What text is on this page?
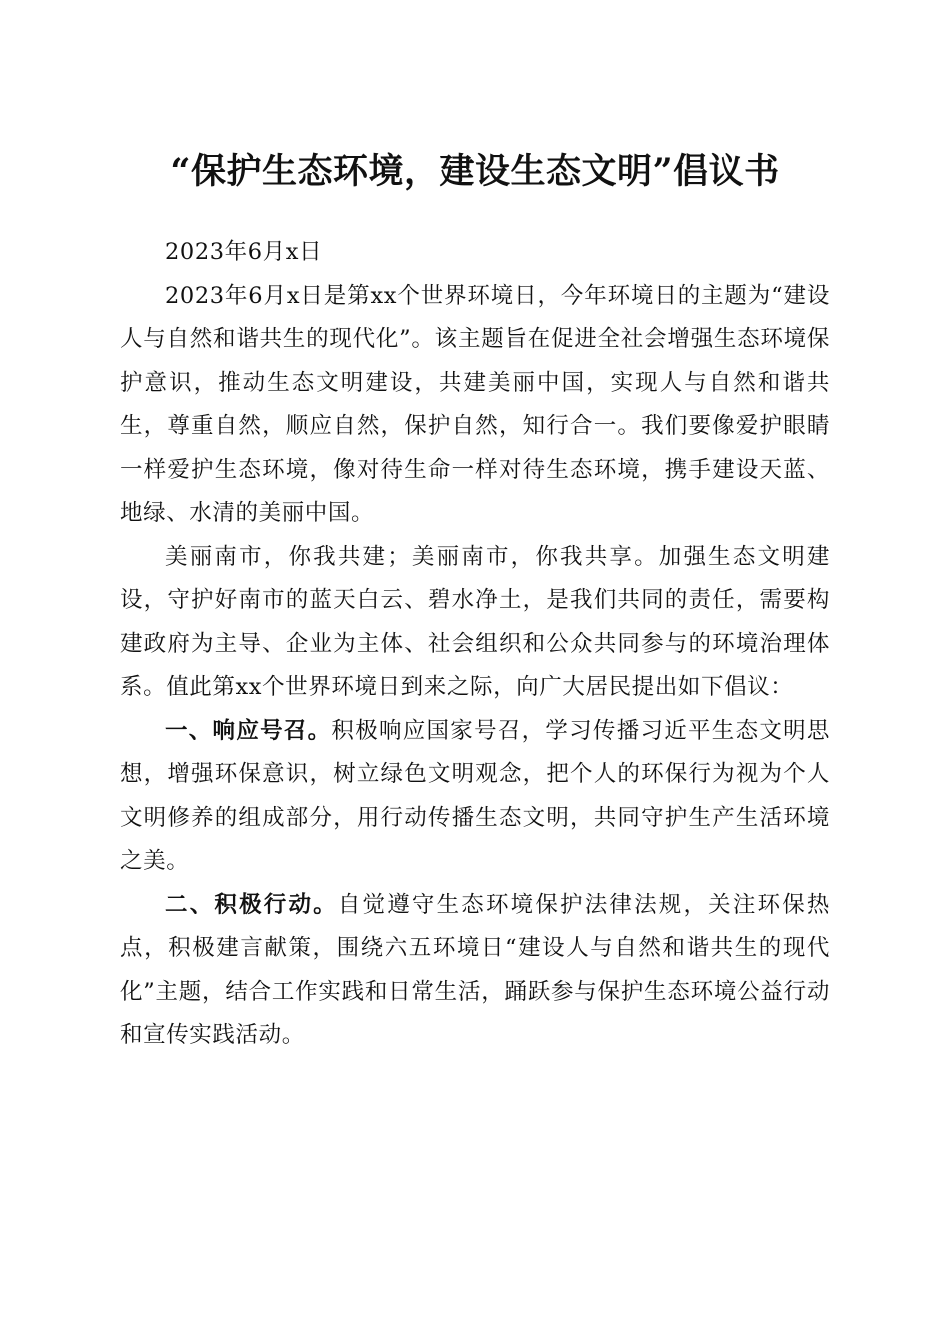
“保护生态环境，建设生态文明”倡议书

2023年6月x日

2023年6月x日是第xx个世界环境日，今年环境日的主题为“建设人与自然和谐共生的现代化”。该主题旨在促进全社会增强生态环境保护意识，推动生态文明建设，共建美丽中国，实现人与自然和谐共生，尊重自然，顺应自然，保护自然，知行合一。我们要像爱护眼睛一样爱护生态环境，像对待生命一样对待生态环境，携手建设天蓝、地绿、水清的美丽中国。

美丽南市，你我共建；美丽南市，你我共享。加强生态文明建设，守护好南市的蓝天白云、碧水净土，是我们共同的责任，需要构建政府为主导、企业为主体、社会组织和公众共同参与的环境治理体系。值此第xx个世界环境日到来之际，向广大居民提出如下倡议：

一、响应号召。积极响应国家号召，学习传播习近平生态文明思想，增强环保意识，树立绿色文明观念，把个人的环保行为视为个人文明修养的组成部分，用行动传播生态文明，共同守护生产生活环境之美。

二、积极行动。自觉遵守生态环境保护法律法规，关注环保热点，积极建言献策，围绕六五环境日“建设人与自然和谐共生的现代化”主题，结合工作实践和日常生活，踊跃参与保护生态环境公益行动和宣传实践活动。
